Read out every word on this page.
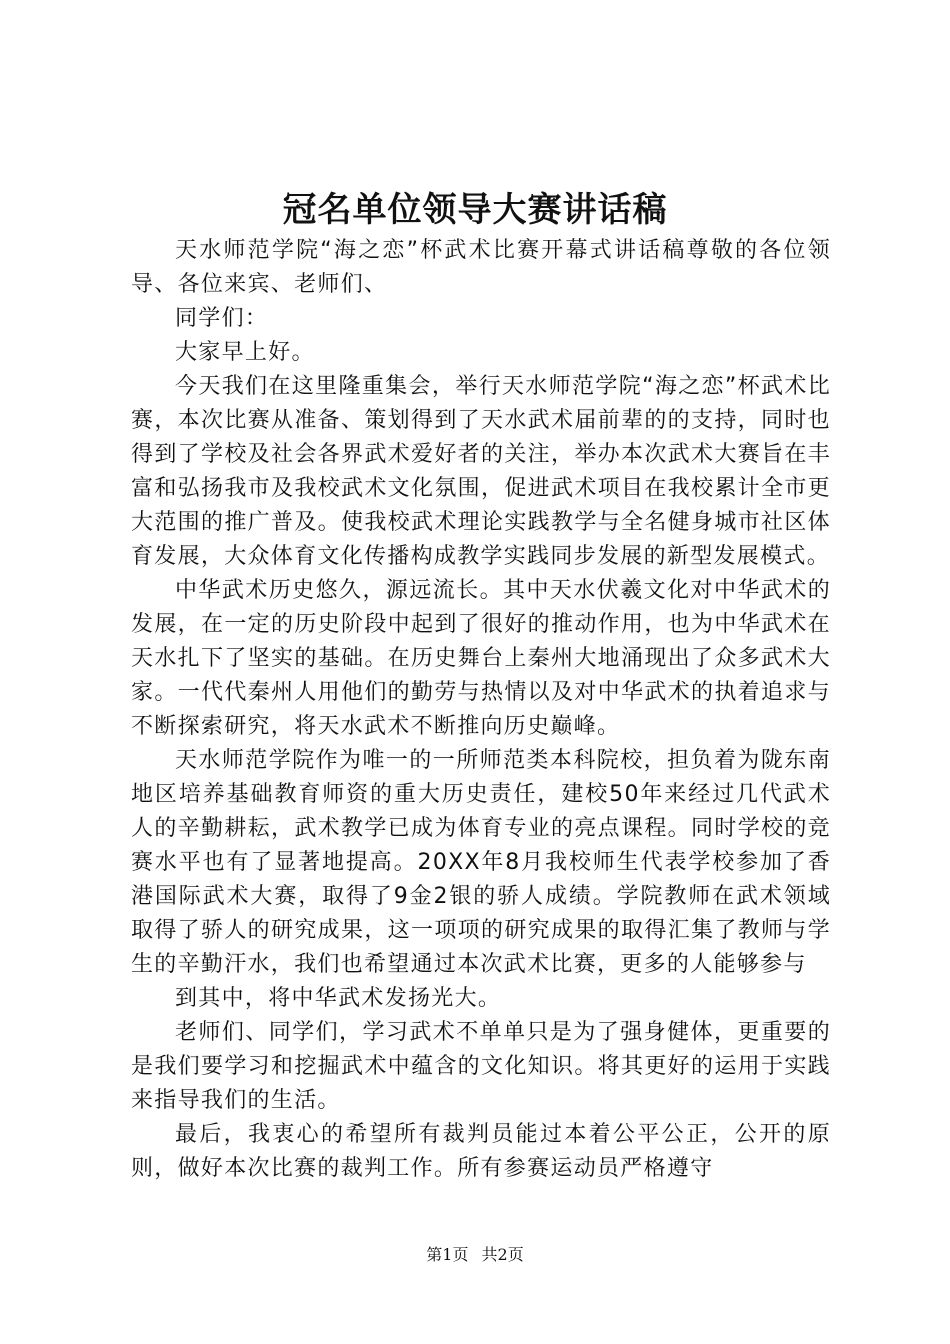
冠名单位领导大赛讲话稿

天水师范学院“海之恋”杯武术比赛开幕式讲话稿尊敬的各位领导、各位来宾、老师们、

同学们：

大家早上好。

今天我们在这里隆重集会，举行天水师范学院“海之恋”杯武术比赛，本次比赛从准备、策划得到了天水武术届前辈的的支持，同时也得到了学校及社会各界武术爱好者的关注，举办本次武术大赛旨在丰富和弘扬我市及我校武术文化氛围，促进武术项目在我校累计全市更大范围的推广普及。使我校武术理论实践教学与全名健身城市社区体育发展，大众体育文化传播构成教学实践同步发展的新型发展模式。

中华武术历史悠久，源远流长。其中天水伏羲文化对中华武术的发展，在一定的历史阶段中起到了很好的推动作用，也为中华武术在天水扎下了坚实的基础。在历史舞台上秦州大地涌现出了众多武术大家。一代代秦州人用他们的勤劳与热情以及对中华武术的执着追求与不断探索研究，将天水武术不断推向历史巅峰。

天水师范学院作为唯一的一所师范类本科院校，担负着为陇东南地区培养基础教育师资的重大历史责任，建校50年来经过几代武术人的辛勤耕耘，武术教学已成为体育专业的亮点课程。同时学校的竞赛水平也有了显著地提高。20XX年8月我校师生代表学校参加了香港国际武术大赛，取得了9金2银的骄人成绩。学院教师在武术领域取得了骄人的研究成果，这一项项的研究成果的取得汇集了教师与学生的辛勤汗水，我们也希望通过本次武术比赛，更多的人能够参与

到其中，将中华武术发扬光大。

老师们、同学们，学习武术不单单只是为了强身健体，更重要的是我们要学习和挖掘武术中蕴含的文化知识。将其更好的运用于实践来指导我们的生活。

最后，我衷心的希望所有裁判员能过本着公平公正，公开的原则，做好本次比赛的裁判工作。所有参赛运动员严格遵守

第1页 共2页
